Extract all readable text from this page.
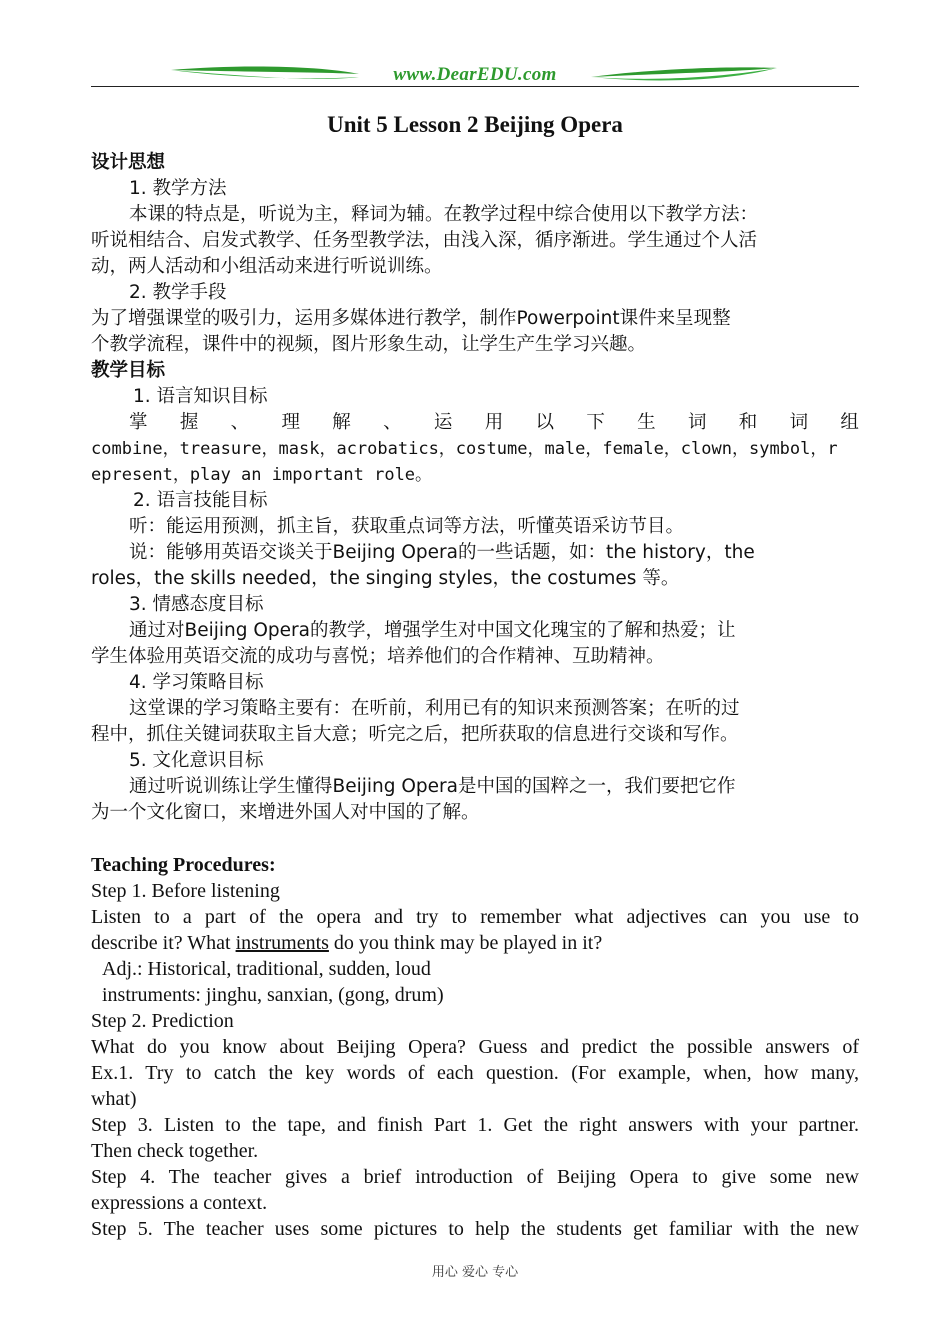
www.DearEDU.com
Unit 5 Lesson 2 Beijing Opera
设计思想
1. 教学方法
本课的特点是，听说为主，释词为辅。在教学过程中综合使用以下教学方法：
听说相结合、启发式教学、任务型教学法，由浅入深，循序渐进。学生通过个人活
动，两人活动和小组活动来进行听说训练。
2. 教学手段
为了增强课堂的吸引力，运用多媒体进行教学，制作Powerpoint课件来呈现整
个教学流程，课件中的视频，图片形象生动，让学生产生学习兴趣。
教学目标
1. 语言知识目标
掌 握 、 理 解 、 运 用 以 下 生 词 和 词 组
combine，treasure，mask，acrobatics，costume，male，female，clown，symbol，r
epresent，play an important role。
2. 语言技能目标
听：能运用预测，抓主旨，获取重点词等方法，听懂英语采访节目。
说：能够用英语交谈关于Beijing Opera的一些话题，如：the history，the
roles，the skills needed，the singing styles，the costumes 等。
3. 情感态度目标
通过对Beijing Opera的教学，增强学生对中国文化瑰宝的了解和热爱；让
学生体验用英语交流的成功与喜悦；培养他们的合作精神、互助精神。
4. 学习策略目标
这堂课的学习策略主要有：在听前，利用已有的知识来预测答案；在听的过
程中，抓住关键词获取主旨大意；听完之后，把所获取的信息进行交谈和写作。
5. 文化意识目标
通过听说训练让学生懂得Beijing Opera是中国的国粹之一，我们要把它作
为一个文化窗口，来增进外国人对中国的了解。
Teaching Procedures:
Step 1. Before listening
Listen to a part of the opera and try to remember what adjectives can you use to
describe it? What instruments do you think may be played in it?
Adj.: Historical, traditional, sudden, loud
instruments: jinghu, sanxian, (gong, drum)
Step 2. Prediction
What do you know about Beijing Opera? Guess and predict the possible answers of
Ex.1. Try to catch the key words of each question. (For example, when, how many,
what)
Step 3. Listen to the tape, and finish Part 1. Get the right answers with your partner.
Then check together.
Step 4. The teacher gives a brief introduction of Beijing Opera to give some new
expressions a context.
Step 5. The teacher uses some pictures to help the students get familiar with the new
用心 爱心 专心
